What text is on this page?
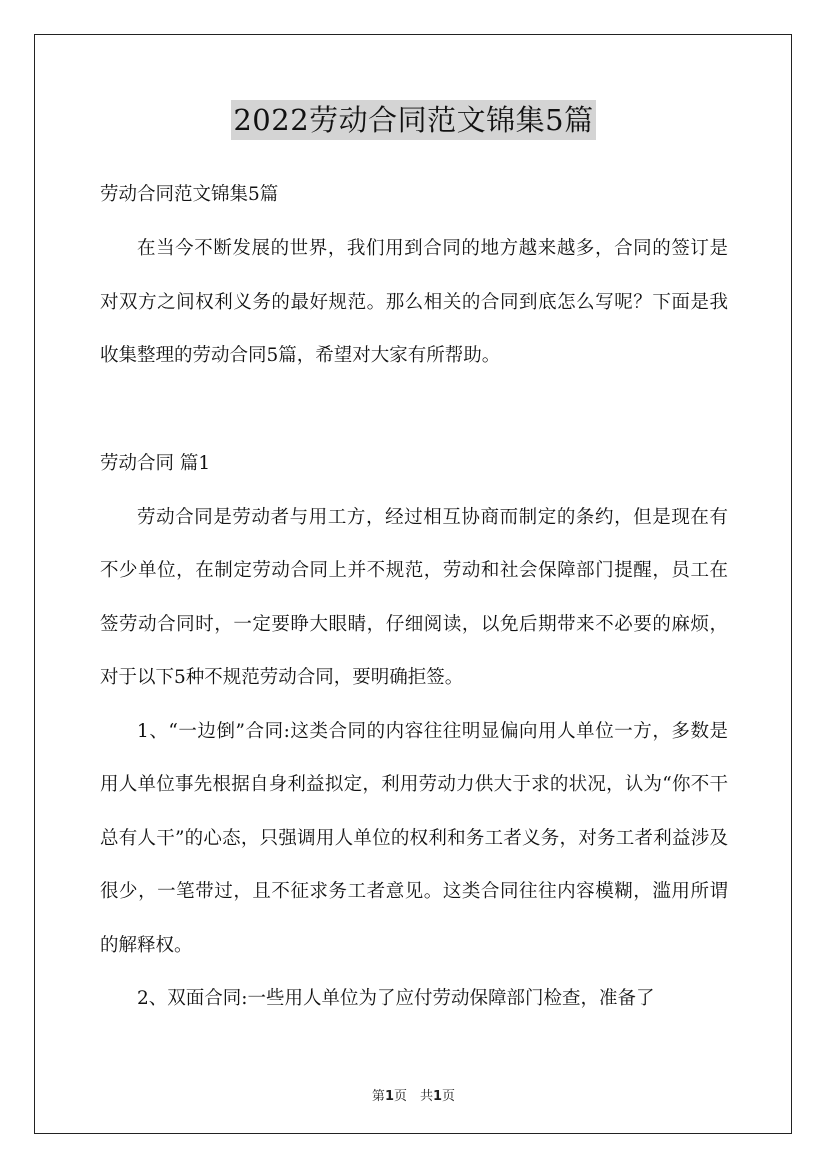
2022劳动合同范文锦集5篇
劳动合同范文锦集5篇

在当今不断发展的世界，我们用到合同的地方越来越多，合同的签订是对双方之间权利义务的最好规范。那么相关的合同到底怎么写呢？下面是我收集整理的劳动合同5篇，希望对大家有所帮助。

劳动合同 篇1

劳动合同是劳动者与用工方，经过相互协商而制定的条约，但是现在有不少单位，在制定劳动合同上并不规范，劳动和社会保障部门提醒，员工在签劳动合同时，一定要睁大眼睛，仔细阅读，以免后期带来不必要的麻烦，对于以下5种不规范劳动合同，要明确拒签。

1、“一边倒”合同:这类合同的内容往往明显偏向用人单位一方，多数是用人单位事先根据自身利益拟定，利用劳动力供大于求的状况，认为“你不干总有人干”的心态，只强调用人单位的权利和务工者义务，对务工者利益涉及很少，一笔带过，且不征求务工者意见。这类合同往往内容模糊，滥用所谓的解释权。

2、双面合同:一些用人单位为了应付劳动保障部门检查，准备了

第1页　共1页
